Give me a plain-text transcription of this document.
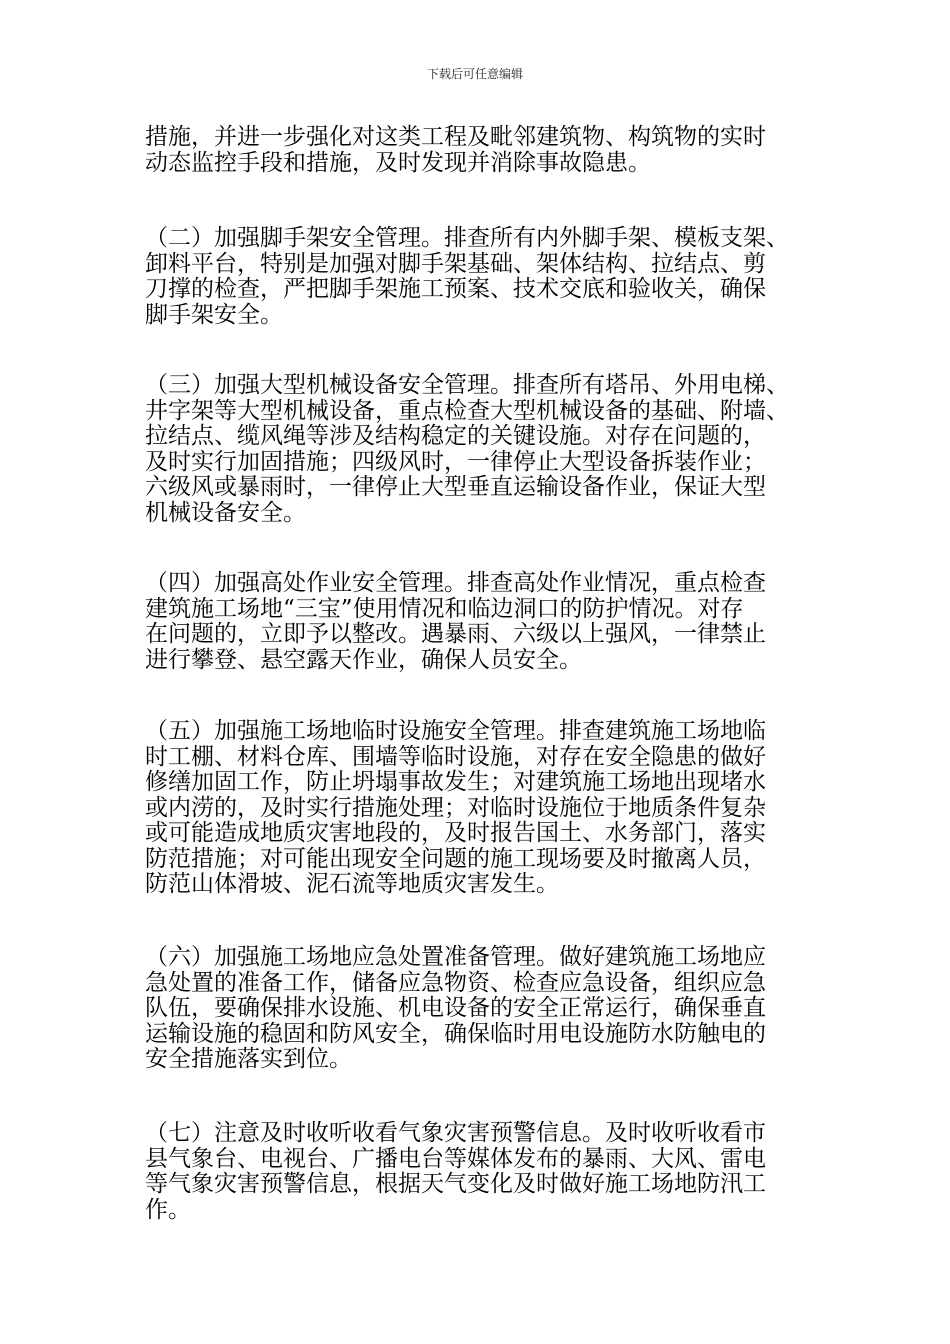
下载后可任意编辑
措施，并进一步强化对这类工程及毗邻建筑物、构筑物的实时
动态监控手段和措施，及时发现并消除事故隐患。
（二）加强脚手架安全管理。排查所有内外脚手架、模板支架、
卸料平台，特别是加强对脚手架基础、架体结构、拉结点、剪
刀撑的检查，严把脚手架施工预案、技术交底和验收关，确保
脚手架安全。
（三）加强大型机械设备安全管理。排查所有塔吊、外用电梯、
井字架等大型机械设备，重点检查大型机械设备的基础、附墙、
拉结点、缆风绳等涉及结构稳定的关键设施。对存在问题的，
及时实行加固措施；四级风时，一律停止大型设备拆装作业；
六级风或暴雨时，一律停止大型垂直运输设备作业，保证大型
机械设备安全。
（四）加强高处作业安全管理。排查高处作业情况，重点检查
建筑施工场地“三宝”使用情况和临边洞口的防护情况。对存
在问题的，立即予以整改。遇暴雨、六级以上强风，一律禁止
进行攀登、悬空露天作业，确保人员安全。
（五）加强施工场地临时设施安全管理。排查建筑施工场地临
时工棚、材料仓库、围墙等临时设施，对存在安全隐患的做好
修缮加固工作，防止坍塌事故发生；对建筑施工场地出现堵水
或内涝的，及时实行措施处理；对临时设施位于地质条件复杂
或可能造成地质灾害地段的，及时报告国土、水务部门，落实
防范措施；对可能出现安全问题的施工现场要及时撤离人员，
防范山体滑坡、泥石流等地质灾害发生。
（六）加强施工场地应急处置准备管理。做好建筑施工场地应
急处置的准备工作，储备应急物资、检查应急设备，组织应急
队伍，要确保排水设施、机电设备的安全正常运行，确保垂直
运输设施的稳固和防风安全，确保临时用电设施防水防触电的
安全措施落实到位。
（七）注意及时收听收看气象灾害预警信息。及时收听收看市
县气象台、电视台、广播电台等媒体发布的暴雨、大风、雷电
等气象灾害预警信息，根据天气变化及时做好施工场地防汛工
作。
